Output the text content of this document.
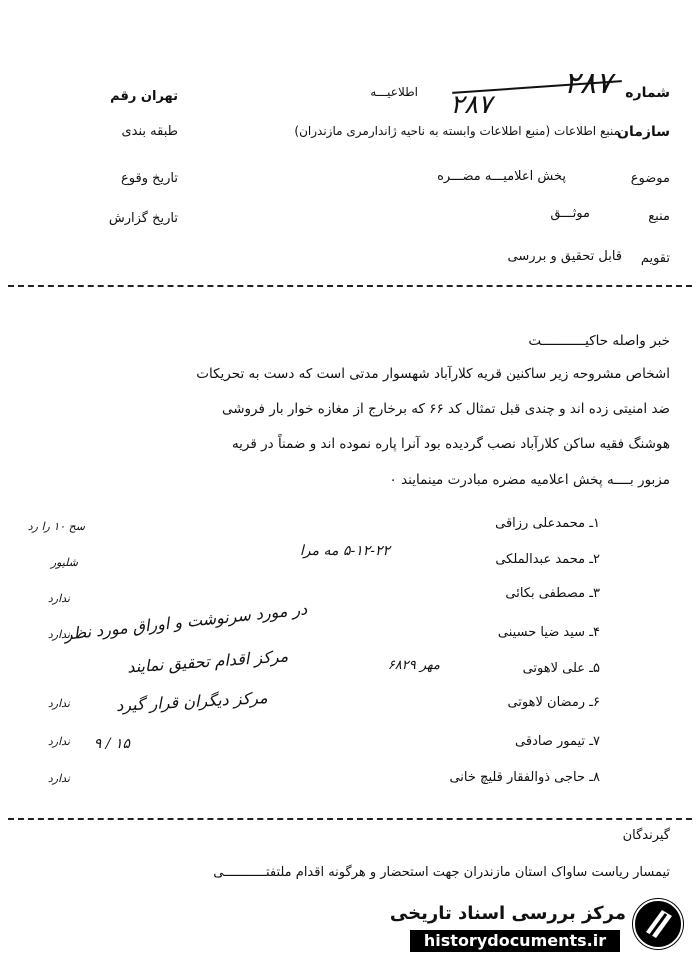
شماره
۲۸۷
۲۸۷
اطلاعیـــه
تهران رقم
سازمان
منبع اطلاعات (منبع اطلاعات وابسته به ناحیه ژاندارمری مازندران)
طبقه بندی
موضوع
پخش اعلامیـــه مضـــره
تاریخ وقوع
منبع
موثـــق
تاریخ گزارش
تقویم
قابل تحقیق و بررسی
خبر واصله حاکیـــــــــــت
اشخاص مشروحه زیر ساکنین قریه کلارآباد شهسوار مدتی است که دست به تحریکات
ضد امنیتی زده اند و چندی قبل تمثال کد ۶۶ که برخارج از مغازه خوار بار فروشی
هوشنگ فقیه ساکن کلارآباد نصب گردیده بود آنرا پاره نموده اند و ضمناً در قریه
مزبور بــــه پخش اعلامیه مضره مبادرت مینمایند ٠
۱ـ محمدعلی رزاقی
۲ـ محمد عبدالملکی
۳ـ مصطفی بکائی
۴ـ سید ضیا حسینی
۵ـ علی لاهوتی
۶ـ رمضان لاهوتی
۷ـ تیمور صادقی
۸ـ حاجی ذوالفقار قلیچ خانی
سح ۱۰ را رد
شلیور
ندارد
ندارد
ندارد
ندارد
ندارد
۵-۱۲-۲۲ مه مرا
مهر ۶۸۲۹
در مورد سرنوشت و اوراق مورد نظر
مرکز اقدام تحقیق نمایند
مرکز دیگران قرار گیرد
۱۵ / ۹
گیرندگان
تیمسار ریاست ساواک استان مازندران جهت استحضار و هرگونه اقدام ملتفتـــــــــــی
مرکز بررسی اسناد تاریخی
historydocuments.ir
